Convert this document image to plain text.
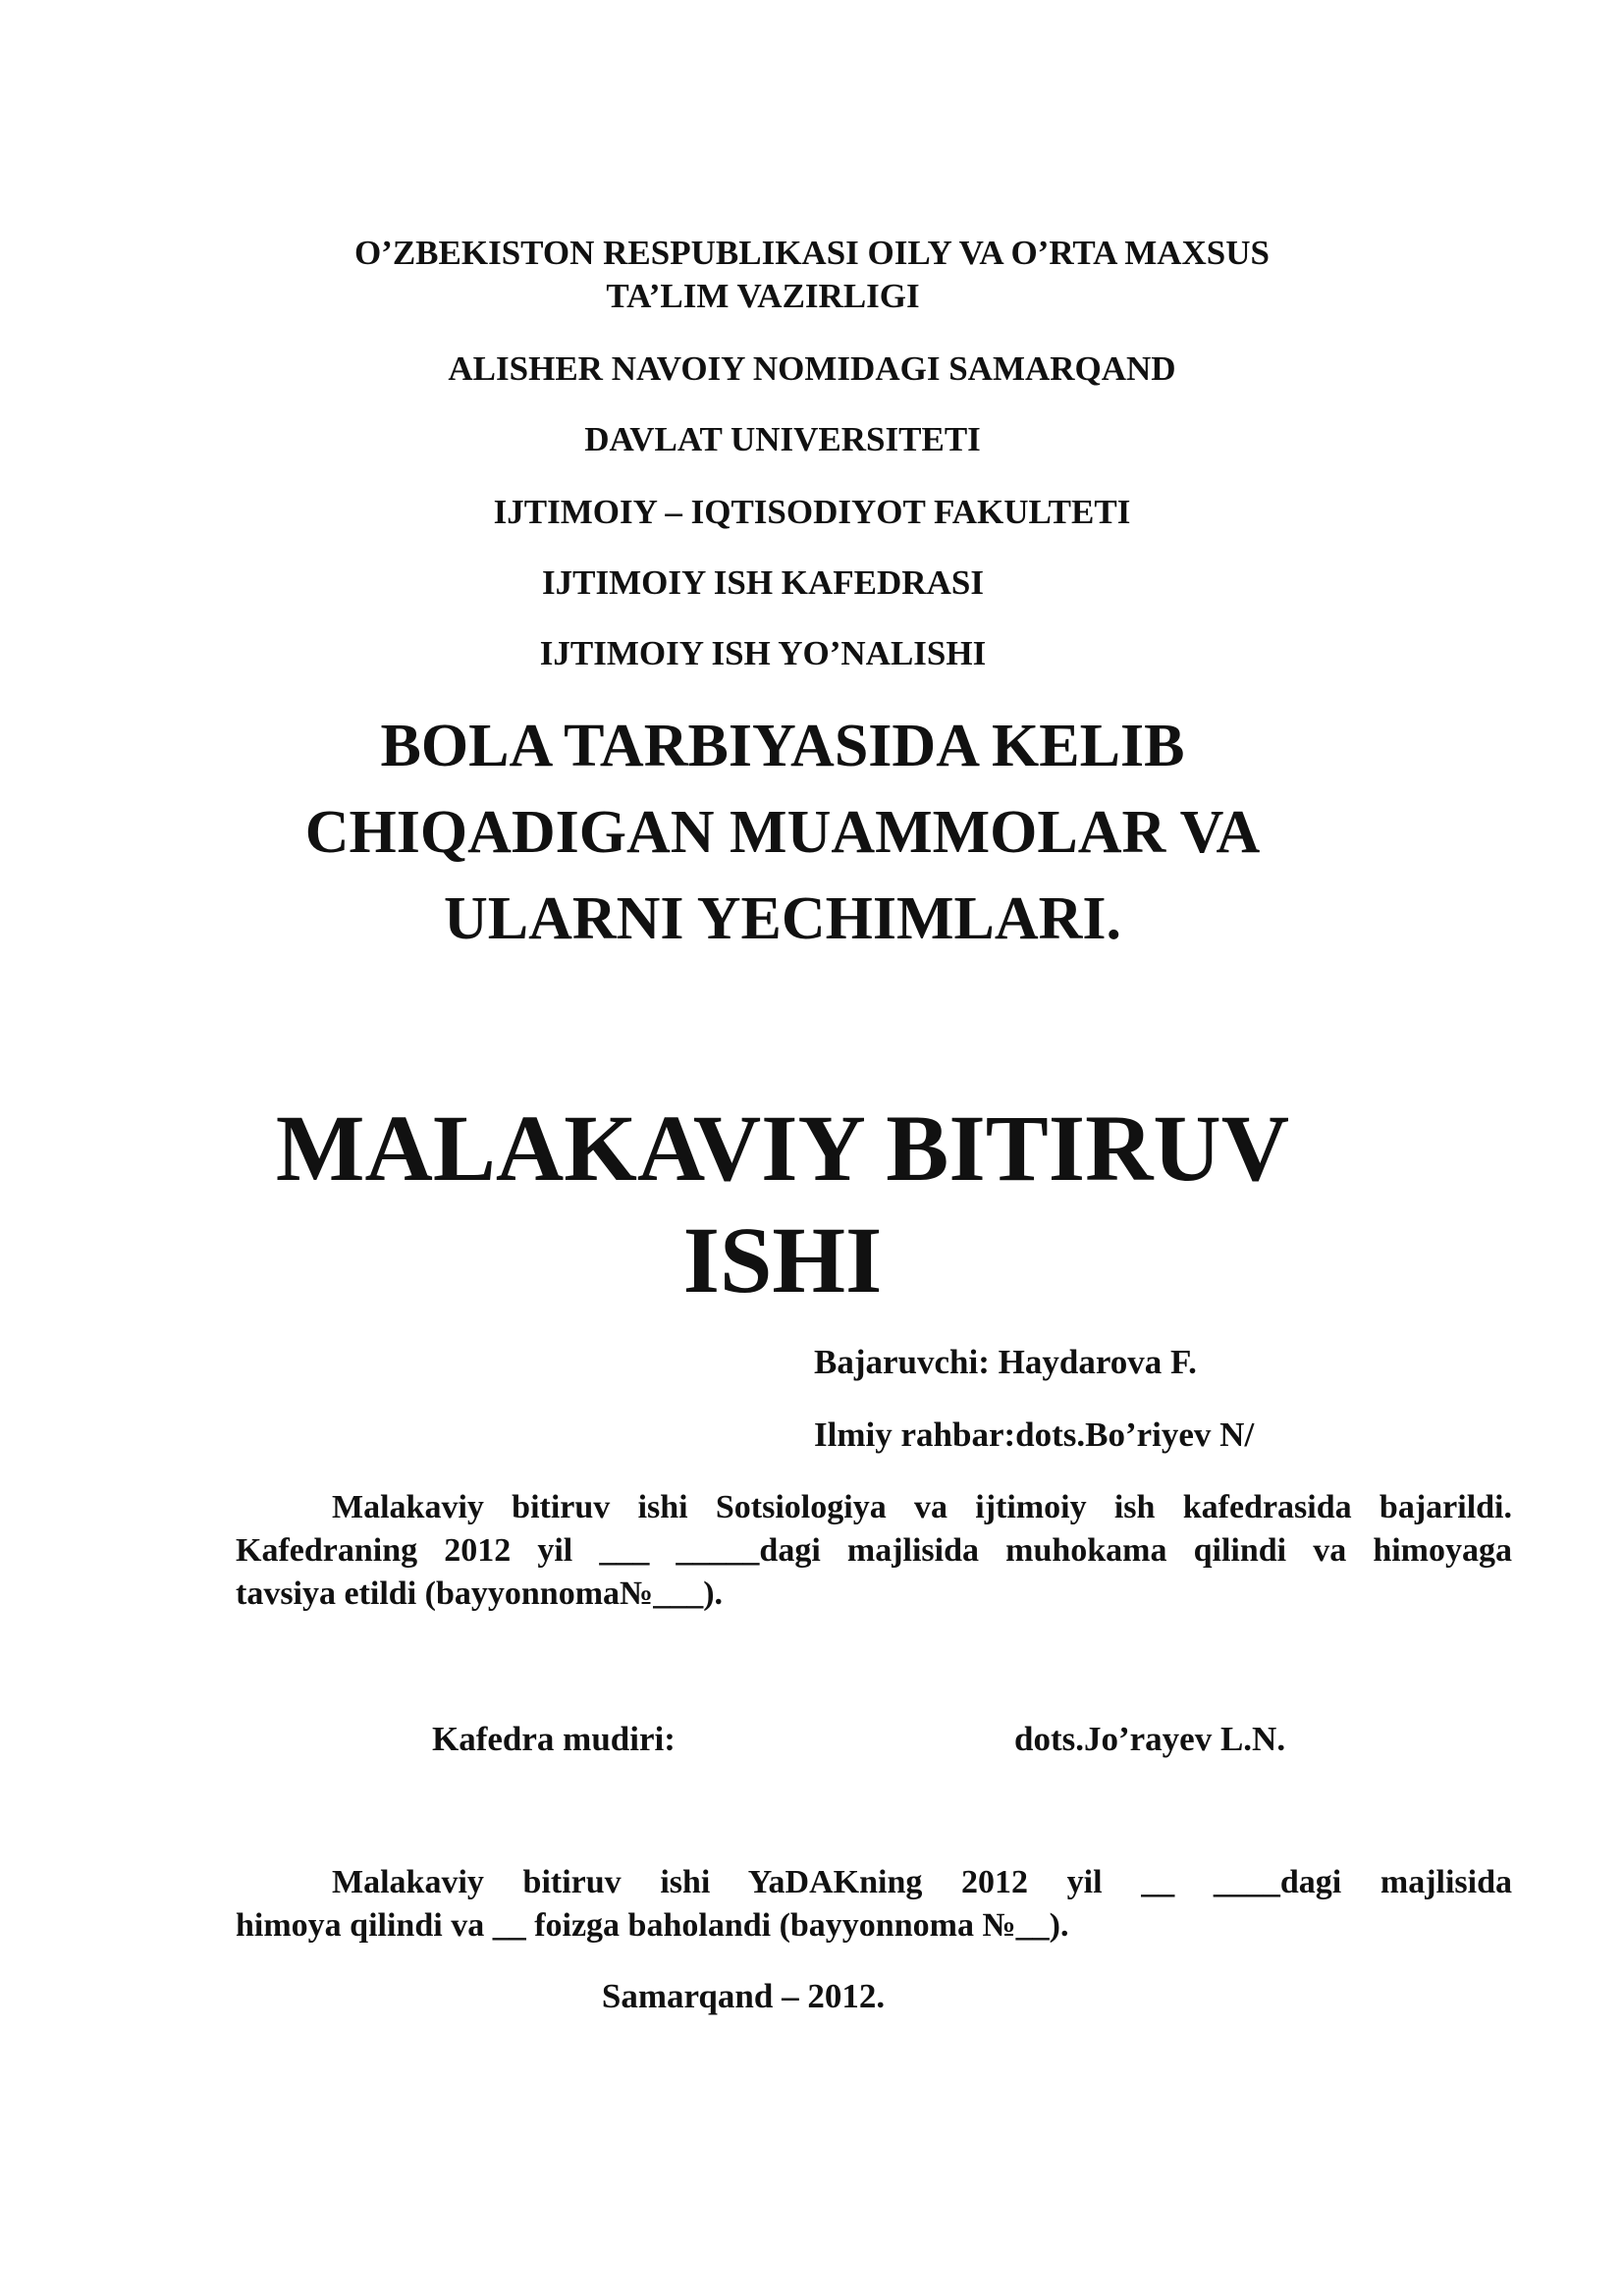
O’ZBEKISTON RESPUBLIKASI OILY VA O’RTA MAXSUS
TA’LIM VAZIRLIGI
ALISHER NAVOIY NOMIDAGI SAMARQAND
DAVLAT UNIVERSITETI
IJTIMOIY – IQTISODIYOT FAKULTETI
IJTIMOIY ISH KAFEDRASI
IJTIMOIY ISH YO’NALISHI
BOLA TARBIYASIDA KELIB
CHIQADIGAN MUAMMOLAR VA
ULARNI YECHIMLARI.
MALAKAVIY BITIRUV
ISHI
Bajaruvchi: Haydarova F.
Ilmiy rahbar:dots.Bo’riyev N/
Malakaviy bitiruv ishi Sotsiologiya va ijtimoiy ish kafedrasida bajarildi.
Kafedraning 2012 yil ___ _____dagi majlisida muhokama qilindi va himoyaga
tavsiya etildi (bayyonnoma№___).
Kafedra mudiri:	dots.Jo’rayev L.N.
Malakaviy bitiruv ishi YaDAKning 2012 yil __ ____dagi majlisida
himoya qilindi va __ foizga baholandi (bayyonnoma №__).
Samarqand – 2012.
